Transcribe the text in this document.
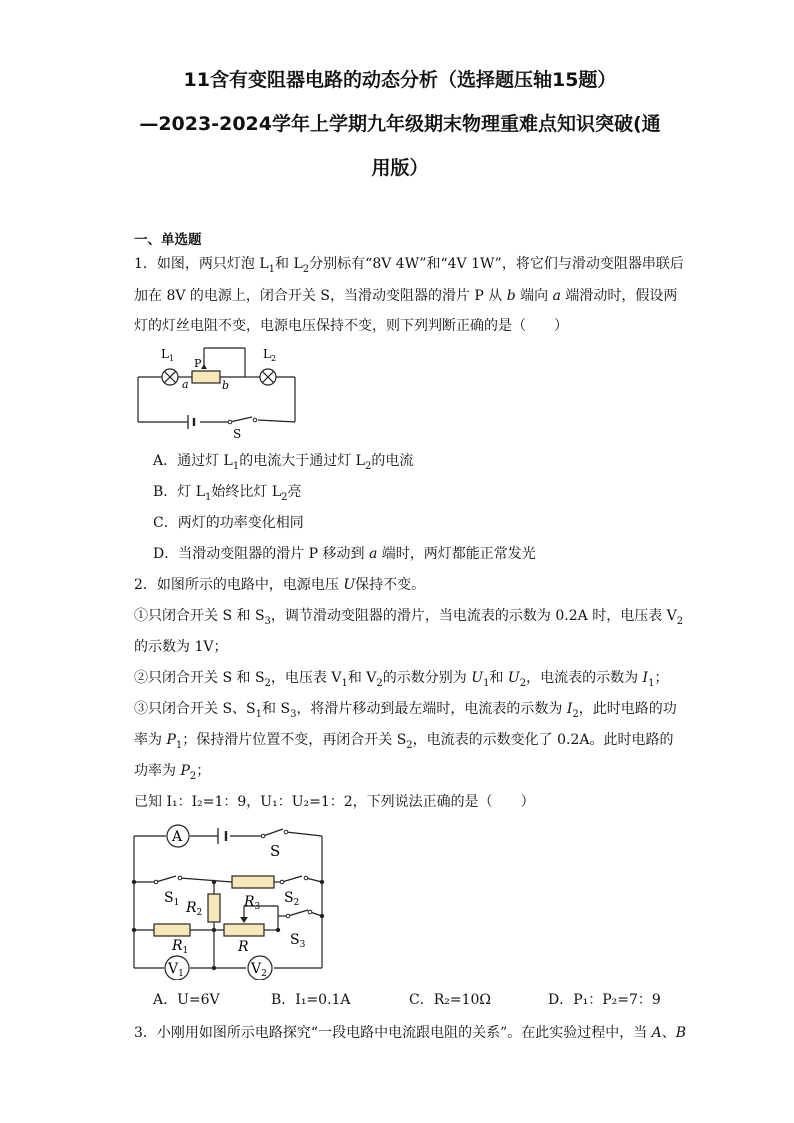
11含有变阻器电路的动态分析（选择题压轴15题）
—2023-2024学年上学期九年级期末物理重难点知识突破(通
用版）
一、单选题
1．如图，两只灯泡 $L_1$和 $L_2$分别标有“8V 4W”和“4V 1W”，将它们与滑动变阻器串联后
加在 8V 的电源上，闭合开关 S，当滑动变阻器的滑片 P 从 b 端向 a 端滑动时，假设两
灯的灯丝电阻不变，电源电压保持不变，则下列判断正确的是（　　）
$L_1$	$L_2$
P
a	b
S
A．通过灯 $L_1$的电流大于通过灯 $L_2$的电流
B．灯 $L_1$始终比灯 $L_2$亮
C．两灯的功率变化相同
D．当滑动变阻器的滑片 P 移动到 a 端时，两灯都能正常发光
2．如图所示的电路中，电源电压 U保持不变。
①只闭合开关 S 和 $S_3$，调节滑动变阻器的滑片，当电流表的示数为 0.2A 时，电压表 $V_2$
的示数为 1V；
②只闭合开关 S 和 $S_2$，电压表 $V_1$和 $V_2$的示数分别为 $U_1$和 $U_2$，电流表的示数为 $I_1$；
③只闭合开关 S、$S_1$和 $S_3$，将滑片移动到最左端时，电流表的示数为 $I_2$，此时电路的功
率为 $P_1$；保持滑片位置不变，再闭合开关 $S_2$，电流表的示数变化了 0.2A。此时电路的
功率为 $P_2$；
已知 I₁：I₂=1：9，U₁：U₂=1：2，下列说法正确的是（　　）
A
S
$S_1$	$S_2$
$S_3$
$R_2$
$R_3$
$R_1$	R
$V_1$	$V_2$
A．U=6V	B．I₁=0.1A	C．R₂=10Ω	D．P₁：P₂=7：9
3．小刚用如图所示电路探究“一段电路中电流跟电阻的关系”。在此实验过程中，当 A、B
